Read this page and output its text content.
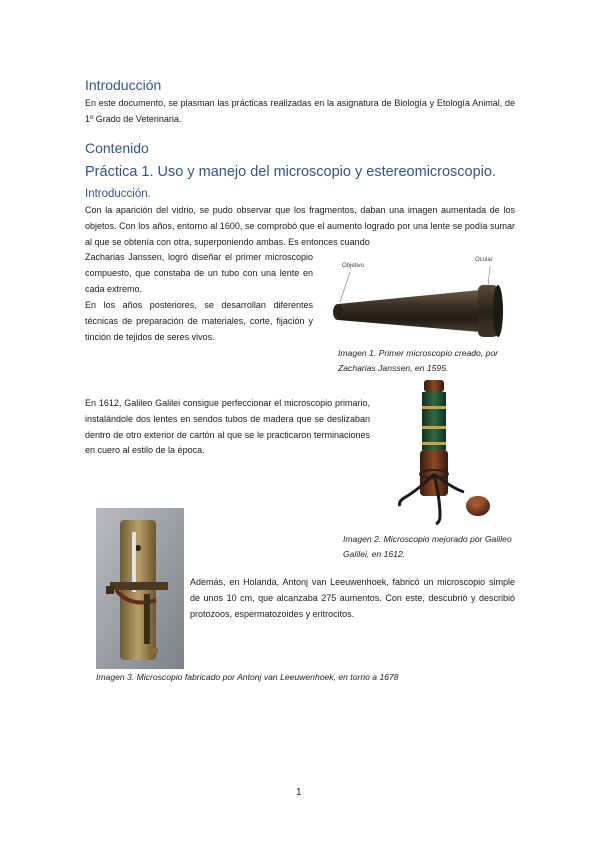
Introducción
En este documento, se plasman las prácticas realizadas en la asignatura de Biología y Etología Animal, de 1º Grado de Veterinaria.
Contenido
Práctica 1. Uso y manejo del microscopio y estereomicroscopio.
Introducción.
Con la aparición del vidrio, se pudo observar que los fragmentos, daban una imagen aumentada de los objetos. Con los años, entorno al 1600, se comprobó que el aumento logrado por una lente se podía sumar al que se obtenía con otra, superponiendo ambas. Es entonces cuando
Zacharias Janssen, logró diseñar el primer microscopio compuesto, que constaba de un tubo con una lente en cada extremo.
En los años posteriores, se desarrollan diferentes técnicas de preparación de materiales, corte, fijación y tinción de tejidos de seres vivos.
Objetivo
Ocular
Imagen 1. Primer microscopio creado, por Zacharias Janssen, en 1595.
En 1612, Galileo Galilei consigue perfeccionar el microscopio primario, instalándole dos lentes en sendos tubos de madera que se deslizaban dentro de otro exterior de cartón al que se le practicaron terminaciones en cuero al estilo de la época.
Imagen 2. Microscopio mejorado por Galileo Galilei, en 1612.
Además, en Holanda, Antonj van Leeuwenhoek, fabricó un microscopio simple de unos 10 cm, que alcanzaba 275 aumentos. Con este, descubrió y describió protozoos, espermatozoides y eritrocitos.
Imagen 3. Microscopio fabricado por Antonj van Leeuwenhoek, en torno a 1678
1
